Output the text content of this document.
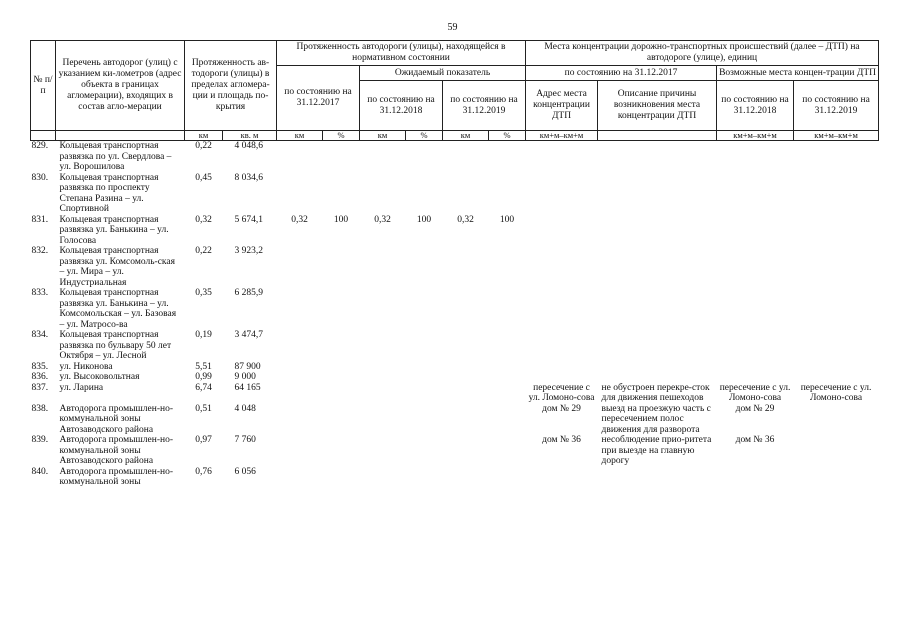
59
№ п/п	Перечень автодорог (улиц) с указанием ки-лометров (адрес объекта в границах агломерации), входящих в состав агло-мерации	Протяженность ав-тодороги (улицы) в пределах агломера-ции и площадь по-крытия		Протяженность автодороги (улицы), находящейся в нормативном состоянии						Места концентрации дорожно-транспортных происшествий (далее – ДТП) на автодороге (улице), единиц			
				по состоянию на 31.12.2017		Ожидаемый показатель				по состоянию на 31.12.2017		Возможные места концен-трации ДТП	
						по состоянию на 31.12.2018		по состоянию на 31.12.2019		Адрес места концентрации ДТП	Описание причины возникновения места концентрации ДТП	по состоянию на 31.12.2018	по состоянию на 31.12.2019
		км	кв. м	км	%	км	%	км	%	км+м–км+м		км+м–км+м	км+м–км+м
829.	Кольцевая транспортная развязка по ул. Свердлова – ул. Ворошилова	0,22	4 048,6										
830.	Кольцевая транспортная развязка по проспекту Степана Разина – ул. Спортивной	0,45	8 034,6										
831.	Кольцевая транспортная развязка ул. Банькина – ул. Голосова	0,32	5 674,1	0,32	100	0,32	100	0,32	100				
832.	Кольцевая транспортная развязка ул. Комсомоль-ская – ул. Мира – ул. Индустриальная	0,22	3 923,2										
833.	Кольцевая транспортная развязка ул. Банькина – ул. Комсомольская – ул. Базовая – ул. Матросо-ва	0,35	6 285,9										
834.	Кольцевая транспортная развязка по бульвару 50 лет Октября – ул. Лесной	0,19	3 474,7										
835.	ул. Никонова	5,51	87 900										
836.	ул. Высоковольтная	0,99	9 000										
837.	ул. Ларина	6,74	64 165							пересечение с ул. Ломоно-сова	не обустроен перекре-сток для движения пешеходов	пересечение с ул. Ломоно-сова	пересечение с ул. Ломоно-сова
838.	Автодорога промышлен-но-коммунальной зоны Автозаводского района	0,51	4 048							дом № 29	выезд на проезжую часть с пересечением полос движения для разворота	дом № 29	
839.	Автодорога промышлен-но-коммунальной зоны Автозаводского района	0,97	7 760							дом № 36	несоблюдение прио-ритета при выезде на главную дорогу	дом № 36	
840.	Автодорога промышлен-но-коммунальной зоны	0,76	6 056										
